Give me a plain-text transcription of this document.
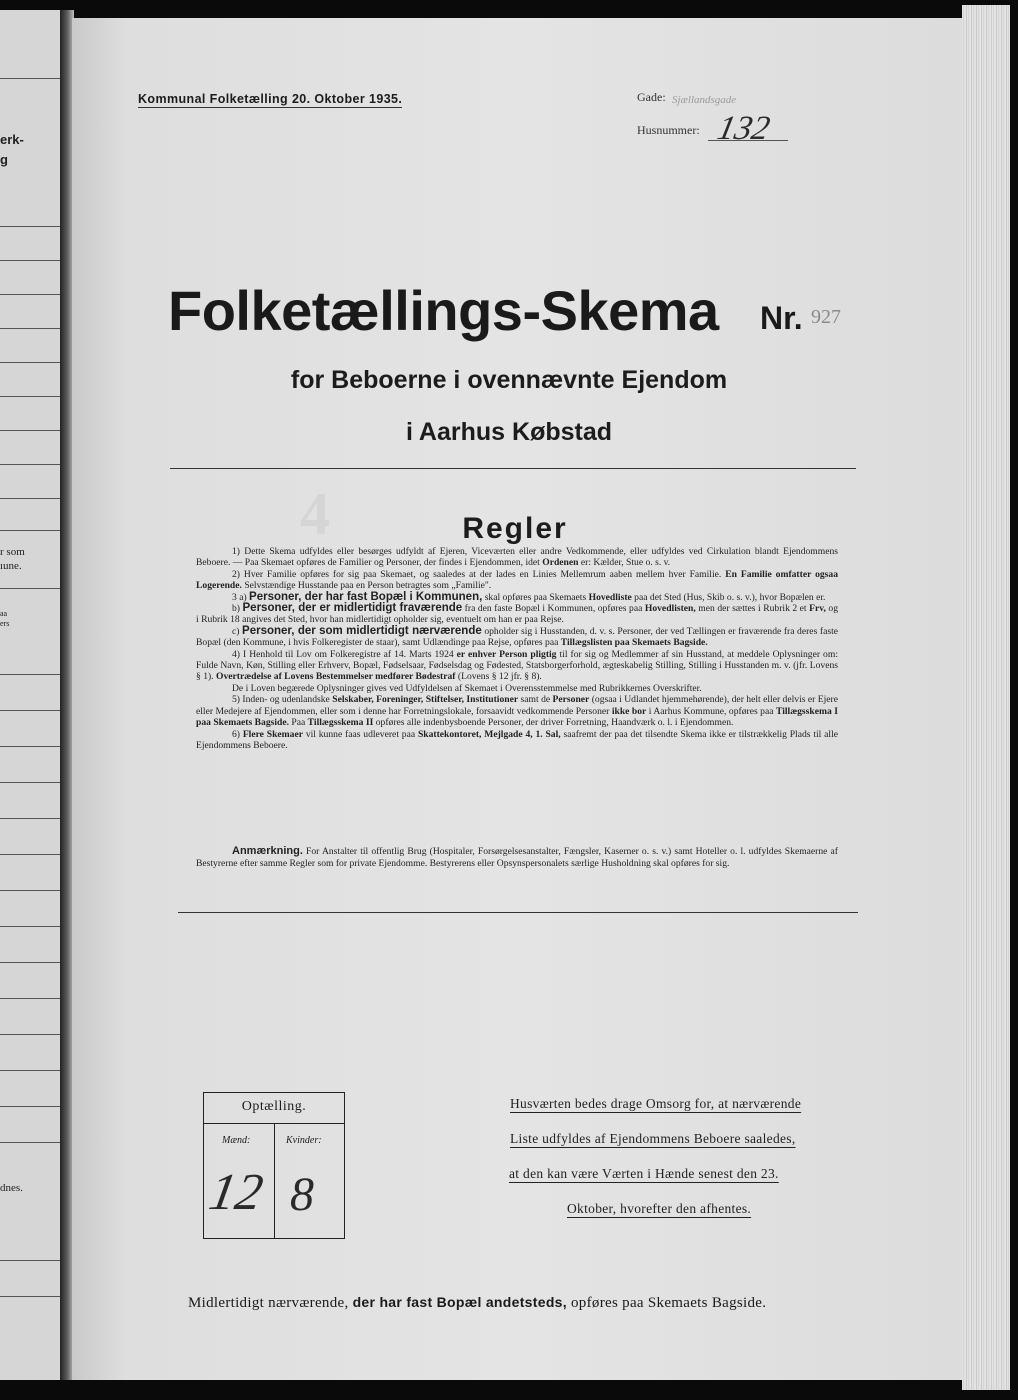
erk-
g
r som
ıune.
aa
ers
dnes.
4
Kommunal Folketælling 20. Oktober 1935.	Gade: Sjællandsgade
Husnummer: 132
Folketællings-Skema Nr. 927
for Beboerne i ovennævnte Ejendom
i Aarhus Købstad
Regler

1) Dette Skema udfyldes eller besørges udfyldt af Ejeren, Viceværten eller andre Vedkommende, eller udfyldes ved Cirkulation blandt Ejendommens Beboere. — Paa Skemaet opføres de Familier og Personer, der findes i Ejendommen, idet Ordenen er: Kælder, Stue o. s. v.

2) Hver Familie opføres for sig paa Skemaet, og saaledes at der lades en Linies Mellemrum aaben mellem hver Familie. En Familie omfatter ogsaa Logerende. Selvstændige Husstande paa en Person betragtes som „Familie".

3 a) Personer, der har fast Bopæl i Kommunen, skal opføres paa Skemaets Hovedliste paa det Sted (Hus, Skib o. s. v.), hvor Bopælen er.

b) Personer, der er midlertidigt fraværende fra den faste Bopæl i Kommunen, opføres paa Hovedlisten, men der sættes i Rubrik 2 et Frv, og i Rubrik 18 angives det Sted, hvor han midlertidigt opholder sig, eventuelt om han er paa Rejse.

c) Personer, der som midlertidigt nærværende opholder sig i Husstanden, d. v. s. Personer, der ved Tællingen er fraværende fra deres faste Bopæl (den Kommune, i hvis Folkeregister de staar), samt Udlændinge paa Rejse, opføres paa Tillægslisten paa Skemaets Bagside.

4) I Henhold til Lov om Folkeregistre af 14. Marts 1924 er enhver Person pligtig til for sig og Medlemmer af sin Husstand, at meddele Oplysninger om: Fulde Navn, Køn, Stilling eller Erhverv, Bopæl, Fødselsaar, Fødselsdag og Fødested, Statsborgerforhold, ægteskabelig Stilling, Stilling i Husstanden m. v. (jfr. Lovens § 1). Overtrædelse af Lovens Bestemmelser medfører Bødestraf (Lovens § 12 jfr. § 8).

De i Loven begærede Oplysninger gives ved Udfyldelsen af Skemaet i Overensstemmelse med Rubrikkernes Overskrifter.

5) Inden- og udenlandske Selskaber, Foreninger, Stiftelser, Institutioner samt de Personer (ogsaa i Udlandet hjemmehørende), der helt eller delvis er Ejere eller Medejere af Ejendommen, eller som i denne har Forretningslokale, forsaavidt vedkommende Personer ikke bor i Aarhus Kommune, opføres paa Tillægsskema I paa Skemaets Bagside. Paa Tillægsskema II opføres alle indenbysboende Personer, der driver Forretning, Haandværk o. l. i Ejendommen.

6) Flere Skemaer vil kunne faas udleveret paa Skattekontoret, Mejlgade 4, 1. Sal, saafremt der paa det tilsendte Skema ikke er tilstrækkelig Plads til alle Ejendommens Beboere.

Anmærkning. For Anstalter til offentlig Brug (Hospitaler, Forsørgelsesanstalter, Fængsler, Kaserner o. s. v.) samt Hoteller o. l. udfyldes Skemaerne af Bestyrerne efter samme Regler som for private Ejendomme. Bestyrerens eller Opsynspersonalets særlige Husholdning skal opføres for sig.

Optælling.
Mænd:	Kvinder:
12 8
Husværten bedes drage Omsorg for, at nærværende
Liste udfyldes af Ejendommens Beboere saaledes,
at den kan være Værten i Hænde senest den 23.
Oktober, hvorefter den afhentes.
Midlertidigt nærværende, der har fast Bopæl andetsteds, opføres paa Skemaets Bagside.
